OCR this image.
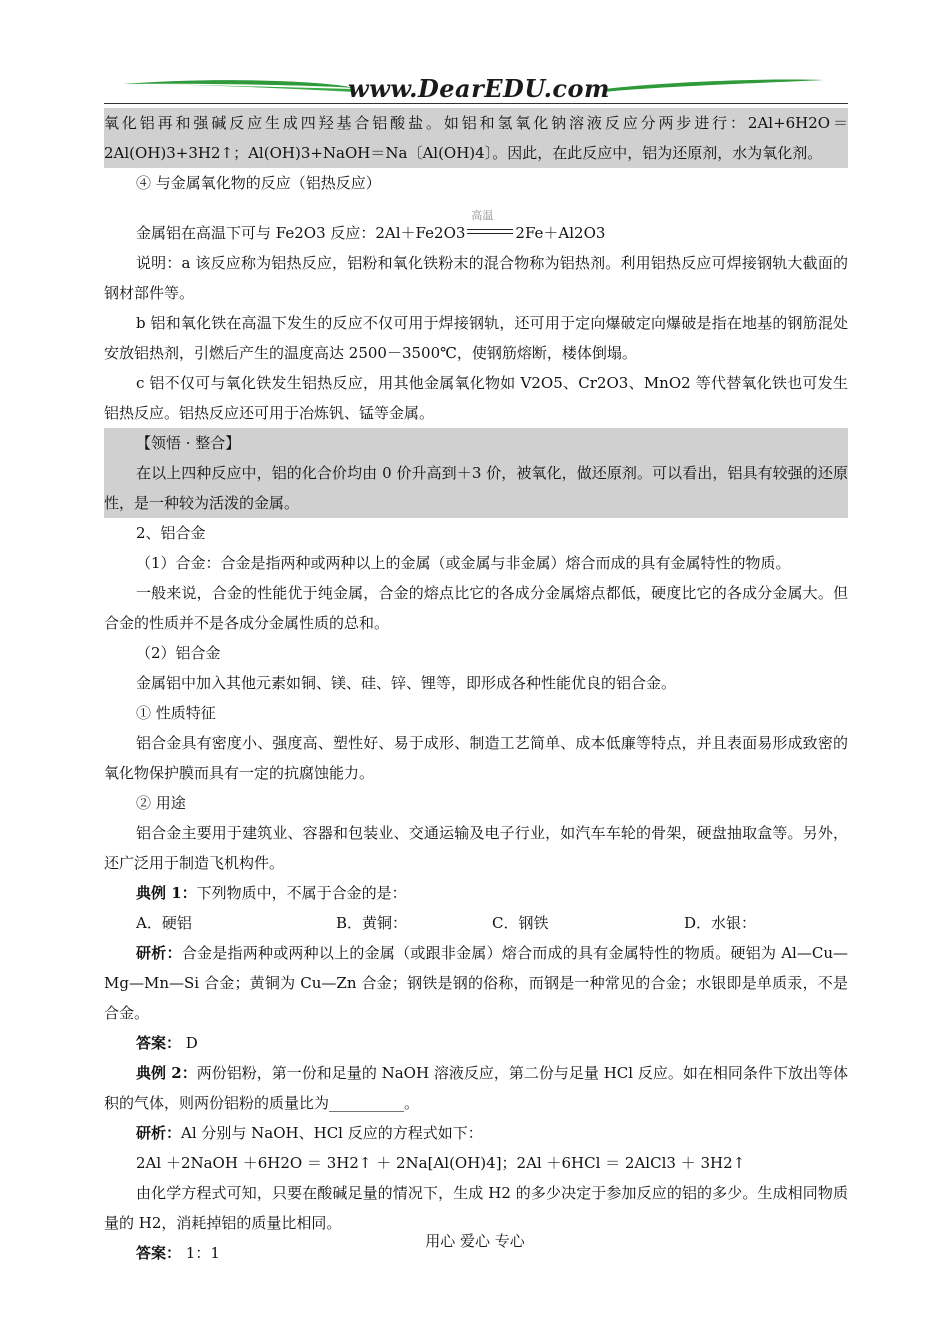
www.DearEDU.com

氧化铝再和强碱反应生成四羟基合铝酸盐。如铝和氢氧化钠溶液反应分两步进行：2Al+6H2O＝2Al(OH)3+3H2↑；Al(OH)3+NaOH＝Na〔Al(OH)4〕。因此，在此反应中，铝为还原剂，水为氧化剂。

④ 与金属氧化物的反应（铝热反应）

金属铝在高温下可与 Fe2O3 反应：2Al＋Fe2O3
高温
2Fe＋Al2O3

说明：a 该反应称为铝热反应，铝粉和氧化铁粉末的混合物称为铝热剂。利用铝热反应可焊接钢轨大截面的钢材部件等。

b 铝和氧化铁在高温下发生的反应不仅可用于焊接钢轨，还可用于定向爆破定向爆破是指在地基的钢筋混处安放铝热剂，引燃后产生的温度高达 2500－3500℃，使钢筋熔断，楼体倒塌。

c 铝不仅可与氧化铁发生铝热反应，用其他金属氧化物如 V2O5、Cr2O3、MnO2 等代替氧化铁也可发生铝热反应。铝热反应还可用于冶炼钒、锰等金属。

【领悟 · 整合】

在以上四种反应中，铝的化合价均由 0 价升高到＋3 价，被氧化，做还原剂。可以看出，铝具有较强的还原性，是一种较为活泼的金属。

2、铝合金

（1）合金：合金是指两种或两种以上的金属（或金属与非金属）熔合而成的具有金属特性的物质。

一般来说，合金的性能优于纯金属，合金的熔点比它的各成分金属熔点都低，硬度比它的各成分金属大。但合金的性质并不是各成分金属性质的总和。

（2）铝合金

金属铝中加入其他元素如铜、镁、硅、锌、锂等，即形成各种性能优良的铝合金。

① 性质特征

铝合金具有密度小、强度高、塑性好、易于成形、制造工艺简单、成本低廉等特点，并且表面易形成致密的氧化物保护膜而具有一定的抗腐蚀能力。

② 用途

铝合金主要用于建筑业、容器和包装业、交通运输及电子行业，如汽车车轮的骨架，硬盘抽取盒等。另外，还广泛用于制造飞机构件。

典例 1：下列物质中，不属于合金的是：

A．硬铝	B．黄铜：	C．钢铁	D．水银：

研析：合金是指两种或两种以上的金属（或跟非金属）熔合而成的具有金属特性的物质。硬铝为 Al—Cu—Mg—Mn—Si 合金；黄铜为 Cu—Zn 合金；钢铁是钢的俗称，而钢是一种常见的合金；水银即是单质汞，不是合金。

答案： D

典例 2：两份铝粉，第一份和足量的 NaOH 溶液反应，第二份与足量 HCl 反应。如在相同条件下放出等体积的气体，则两份铝粉的质量比为__________。

研析：Al 分别与 NaOH、HCl 反应的方程式如下：

2Al ＋2NaOH ＋6H2O ＝ 3H2↑ ＋ 2Na[Al(OH)4]；2Al ＋6HCl ＝ 2AlCl3 ＋ 3H2↑

由化学方程式可知，只要在酸碱足量的情况下，生成 H2 的多少决定于参加反应的铝的多少。生成相同物质量的 H2，消耗掉铝的质量比相同。

答案： 1：1

用心 爱心 专心
